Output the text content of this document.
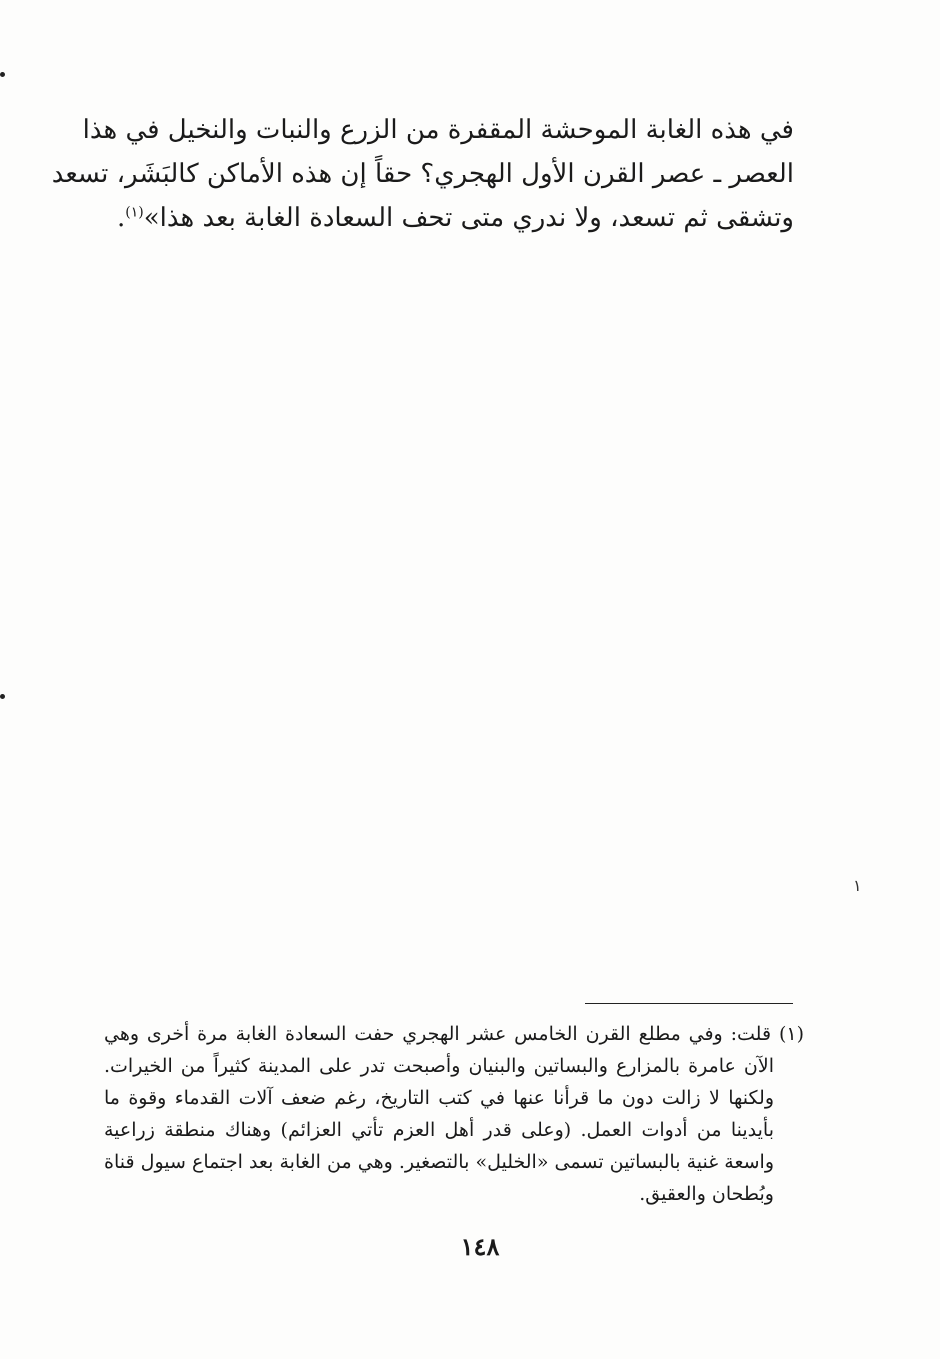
في هذه الغابة الموحشة المقفرة من الزرع والنبات والنخيل في هذا
العصر ـ عصر القرن الأول الهجري؟ حقاً إن هذه الأماكن كالبَشَر، تسعد
وتشقى ثم تسعد، ولا ندري متى تحف السعادة الغابة بعد هذا»$^{(١)}$.
١
(١) قلت: وفي مطلع القرن الخامس عشر الهجري حفت السعادة الغابة مرة أخرى وهي
الآن عامرة بالمزارع والبساتين والبنيان وأصبحت تدر على المدينة كثيراً من الخيرات.
ولكنها لا زالت دون ما قرأنا عنها في كتب التاريخ، رغم ضعف آلات القدماء وقوة ما
بأيدينا من أدوات العمل. (وعلى قدر أهل العزم تأتي العزائم) وهناك منطقة زراعية
واسعة غنية بالبساتين تسمى «الخليل» بالتصغير. وهي من الغابة بعد اجتماع سيول قناة
وبُطحان والعقيق.
١٤٨
